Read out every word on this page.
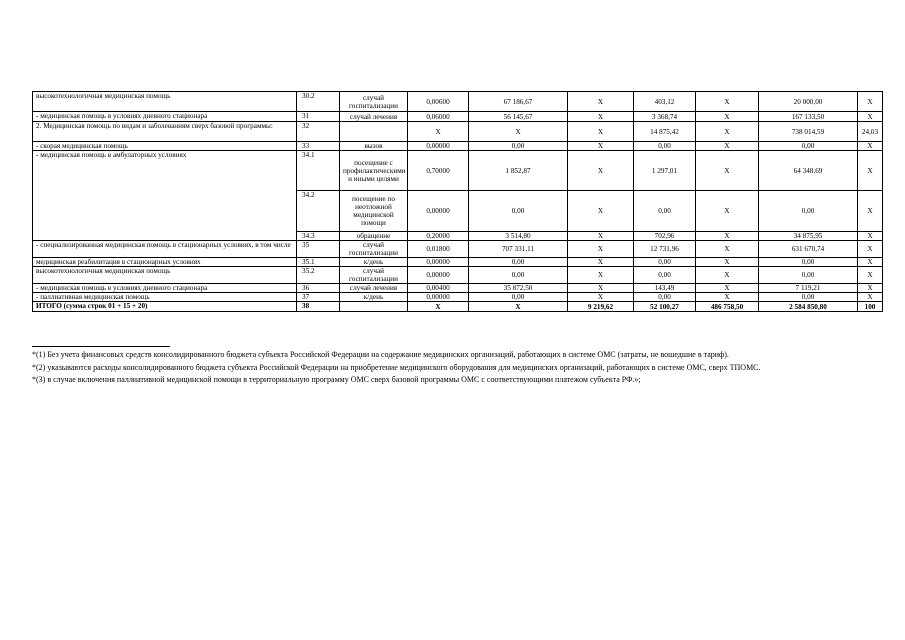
высокотехнологичная медицинская помощь	30.2	случай госпитализации	0,00600	67 186,67	X	403,12	X	20 000,00	X
- медицинская помощь в условиях дневного стационара	31	случай лечения	0,06000	56 145,67	X	3 368,74	X	167 133,50	X
2. Медицинская помощь по видам и заболеваниям сверх базовой программы:	32		X	X	X	14 875,42	X	738 014,59	24,03
- скорая медицинская помощь	33	вызов	0,00000	0,00	X	0,00	X	0,00	X
- медицинская помощь в амбулаторных условиях	34.1	посещение с профилактическими и иными целями	0,70000	1 852,87	X	1 297,01	X	64 348,69	X
	34.2	посещение по неотложной медицинской помощи	0,00000	0,00	X	0,00	X	0,00	X
	34.3	обращение	0,20000	3 514,80	X	702,96	X	34 875,95	X
- специализированная медицинская помощь в стационарных условиях, в том числе	35	случай госпитализации	0,01800	707 331,11	X	12 731,96	X	631 670,74	X
медицинская реабилитация в стационарных условиях	35.1	к/день	0,00000	0,00	X	0,00	X	0,00	X
высокотехнологичная медицинская помощь	35.2	случай госпитализации	0,00000	0,00	X	0,00	X	0,00	X
- медицинская помощь в условиях дневного стационара	36	случай лечения	0,00400	35 872,50	X	143,49	X	7 119,21	X
- паллиативная медицинская помощь	37	к/день	0,00000	0,00	X	0,00	X	0,00	X
ИТОГО (сумма строк 01 + 15 + 20)	38		X	X	9 219,62	52 100,27	486 758,50	2 584 850,80	100

*(1) Без учета финансовых средств консолидированного бюджета субъекта Российской Федерации на содержание медицинских организаций, работающих в системе ОМС (затраты, не вошедшие в тариф).

*(2) указываются расходы консолидированного бюджета субъекта Российской Федерации на приобретение медицинского оборудования для медицинских организаций, работающих в системе ОМС, сверх ТПОМС.

*(3) в случае включения паллиативной медицинской помощи в территориальную программу ОМС сверх базовой программы ОМС с соответствующими платежом субъекта РФ.»;
